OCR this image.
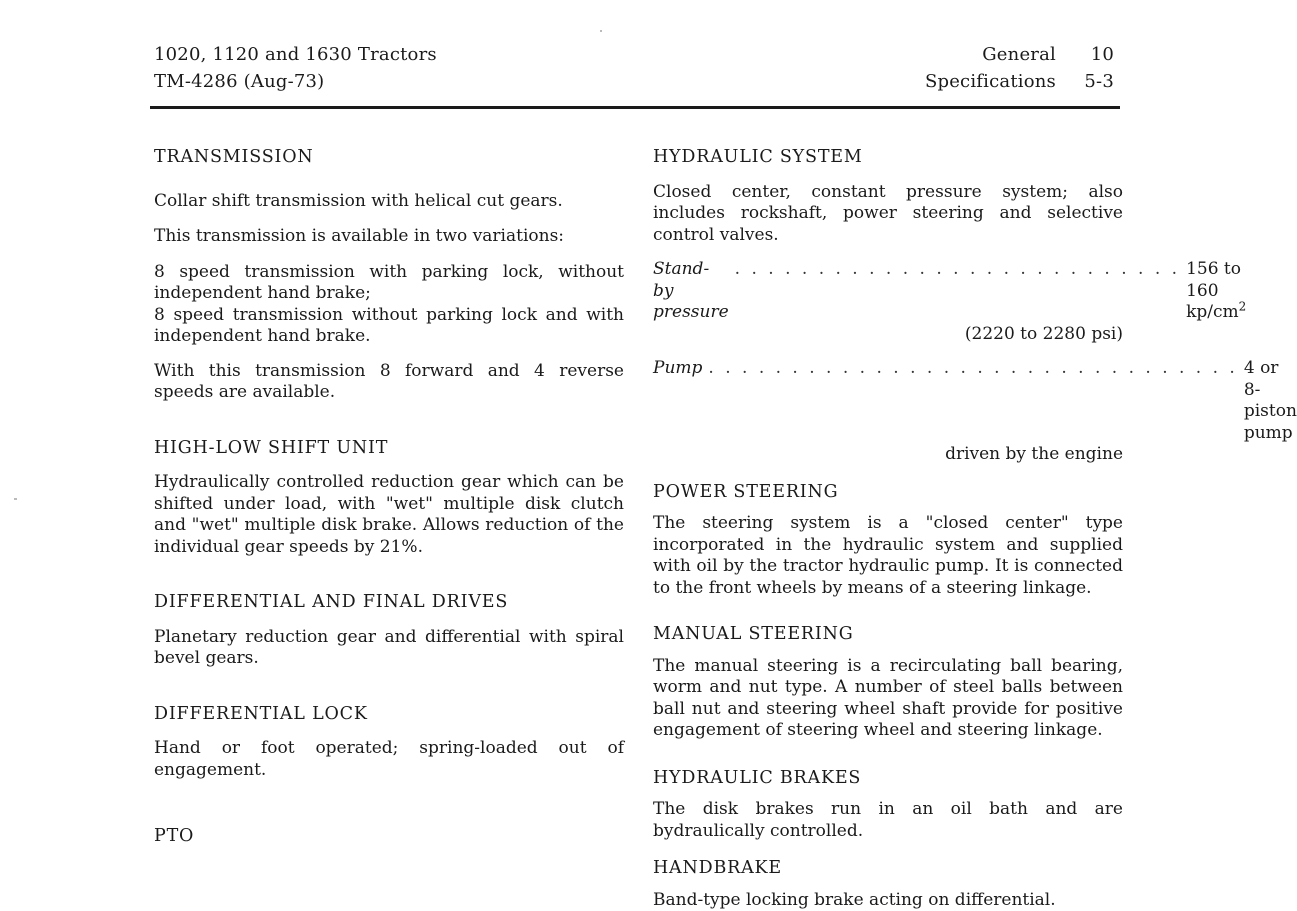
1020, 1120 and 1630 Tractors
TM-4286 (Aug-73)
General	10
Specifications	5-3
TRANSMISSION

Collar shift transmission with helical cut gears.

This transmission is available in two variations:

8 speed transmission with parking lock, without independent hand brake;

8 speed transmission without parking lock and with independent hand brake.

With this transmission 8 forward and 4 reverse speeds are available.

HIGH-LOW SHIFT UNIT

Hydraulically controlled reduction gear which can be shifted under load, with "wet" multiple disk clutch and "wet" multiple disk brake. Allows reduction of the individual gear speeds by 21%.

DIFFERENTIAL AND FINAL DRIVES

Planetary reduction gear and differential with spiral bevel gears.

DIFFERENTIAL LOCK

Hand or foot operated; spring-loaded out of engagement.

PTO
HYDRAULIC SYSTEM

Closed center, constant pressure system; also includes rockshaft, power steering and selective control valves.

Stand-by pressure
. . . . . . . . . . . . . . . . . . . . . . . . . . . 156 to 160 $kp/cm^2$
(2220 to 2280 psi)
Pump . . . . . . . . . . . . . . . . . . . . . . . . . . . . . . . . 4 or 8-piston pump
driven by the engine
POWER STEERING

The steering system is a "closed center" type incorporated in the hydraulic system and supplied with oil by the tractor hydraulic pump. It is connected to the front wheels by means of a steering linkage.

MANUAL STEERING

The manual steering is a recirculating ball bearing, worm and nut type. A number of steel balls between ball nut and steering wheel shaft provide for positive engagement of steering wheel and steering linkage.

HYDRAULIC BRAKES

The disk brakes run in an oil bath and are bydraulically controlled.

HANDBRAKE

Band-type locking brake acting on differential.
